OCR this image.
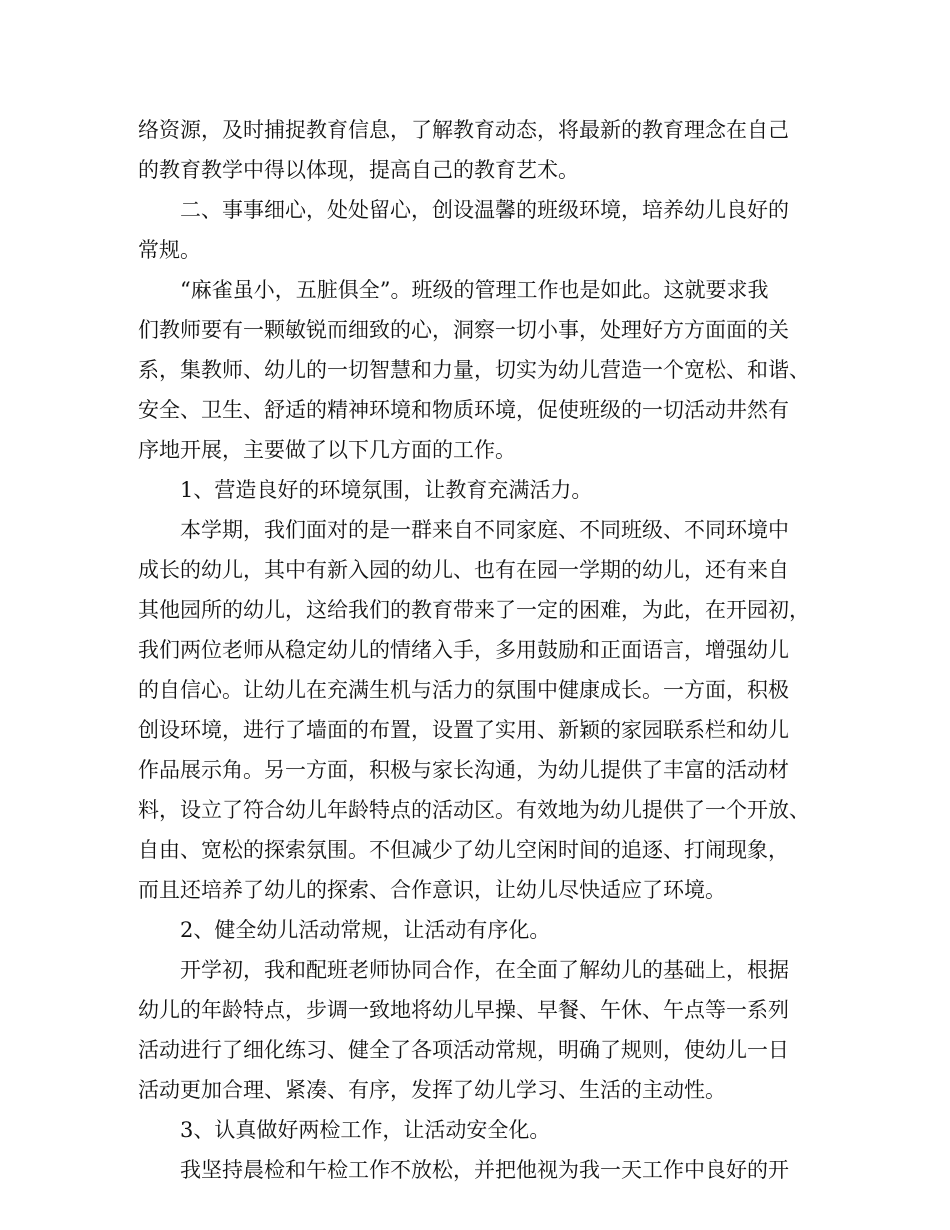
络资源，及时捕捉教育信息，了解教育动态，将最新的教育理念在自己
的教育教学中得以体现，提高自己的教育艺术。
二、事事细心，处处留心，创设温馨的班级环境，培养幼儿良好的
常规。
“麻雀虽小，五脏俱全”。班级的管理工作也是如此。这就要求我
们教师要有一颗敏锐而细致的心，洞察一切小事，处理好方方面面的关
系，集教师、幼儿的一切智慧和力量，切实为幼儿营造一个宽松、和谐、
安全、卫生、舒适的精神环境和物质环境，促使班级的一切活动井然有
序地开展，主要做了以下几方面的工作。
1、营造良好的环境氛围，让教育充满活力。
本学期，我们面对的是一群来自不同家庭、不同班级、不同环境中
成长的幼儿，其中有新入园的幼儿、也有在园一学期的幼儿，还有来自
其他园所的幼儿，这给我们的教育带来了一定的困难，为此，在开园初，
我们两位老师从稳定幼儿的情绪入手，多用鼓励和正面语言，增强幼儿
的自信心。让幼儿在充满生机与活力的氛围中健康成长。一方面，积极
创设环境，进行了墙面的布置，设置了实用、新颖的家园联系栏和幼儿
作品展示角。另一方面，积极与家长沟通，为幼儿提供了丰富的活动材
料，设立了符合幼儿年龄特点的活动区。有效地为幼儿提供了一个开放、
自由、宽松的探索氛围。不但减少了幼儿空闲时间的追逐、打闹现象，
而且还培养了幼儿的探索、合作意识，让幼儿尽快适应了环境。
2、健全幼儿活动常规，让活动有序化。
开学初，我和配班老师协同合作，在全面了解幼儿的基础上，根据
幼儿的年龄特点，步调一致地将幼儿早操、早餐、午休、午点等一系列
活动进行了细化练习、健全了各项活动常规，明确了规则，使幼儿一日
活动更加合理、紧凑、有序，发挥了幼儿学习、生活的主动性。
3、认真做好两检工作，让活动安全化。
我坚持晨检和午检工作不放松，并把他视为我一天工作中良好的开
